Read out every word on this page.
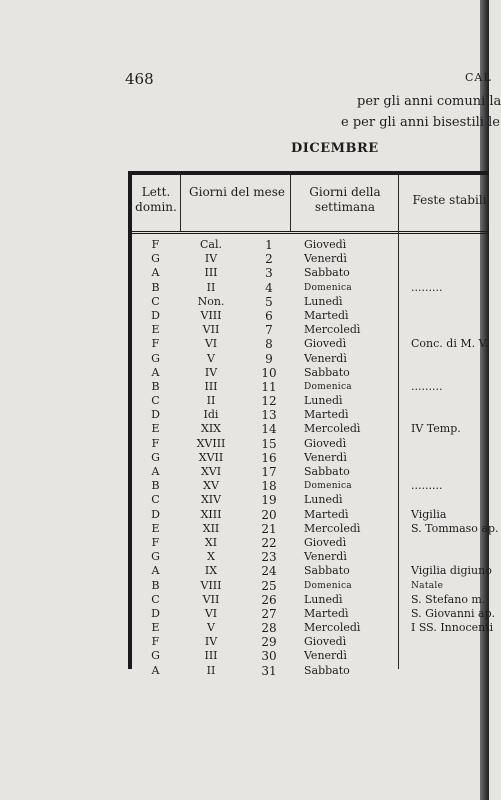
468	CAL
per gli anni comuni la
e per gli anni bisestili le
DICEMBRE
Lett. domin.
Giorni del mese	Giorni della settimana	Feste stabili
F	Cal.	1	Giovedì
G	IV	2	Venerdì
A	III	3	Sabbato
B	II	4	Domenica	.........
C	Non.	5	Lunedì
D	VIII	6	Martedì
E	VII	7	Mercoledì
F	VI	8	Giovedì	Conc. di M. V.
G	V	9	Venerdì
A	IV	10	Sabbato
B	III	11	Domenica	.........
C	II	12	Lunedì
D	Idi	13	Martedì
E	XIX	14	Mercoledì	IV Temp.
F	XVIII	15	Giovedì
G	XVII	16	Venerdì
A	XVI	17	Sabbato
B	XV	18	Domenica	.........
C	XIV	19	Lunedì
D	XIII	20	Martedì	Vigilia
E	XII	21	Mercoledì	S. Tommaso ap.
F	XI	22	Giovedì
G	X	23	Venerdì
A	IX	24	Sabbato	Vigilia digiuno
B	VIII	25	Domenica	Natale
C	VII	26	Lunedì	S. Stefano m.
D	VI	27	Martedì	S. Giovanni ap.
E	V	28	Mercoledì	I SS. Innocenti
F	IV	29	Giovedì
G	III	30	Venerdì
A	II	31	Sabbato
